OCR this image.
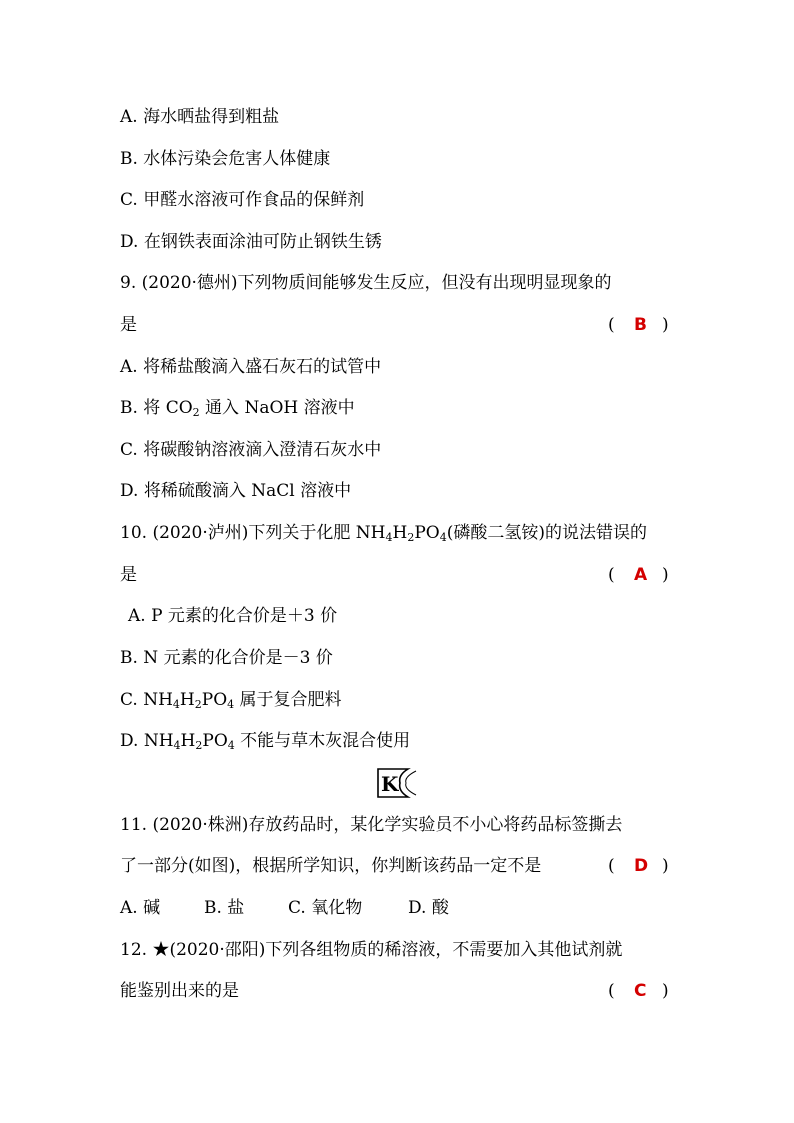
A. 海水晒盐得到粗盐
B. 水体污染会危害人体健康
C. 甲醛水溶液可作食品的保鲜剂
D. 在钢铁表面涂油可防止钢铁生锈
9. (2020·德州)下列物质间能够发生反应，但没有出现明显现象的
是	( B )
A. 将稀盐酸滴入盛石灰石的试管中
B. 将 $CO_2$ 通入 NaOH 溶液中
C. 将碳酸钠溶液滴入澄清石灰水中
D. 将稀硫酸滴入 NaCl 溶液中
10. (2020·泸州)下列关于化肥 $NH_4H_2PO_4$(磷酸二氢铵)的说法错误的
是	( A )
A. P 元素的化合价是＋3 价
B. N 元素的化合价是－3 价
C. $NH_4H_2PO_4$ 属于复合肥料
D. $NH_4H_2PO_4$ 不能与草木灰混合使用
K
11. (2020·株洲)存放药品时，某化学实验员不小心将药品标签撕去
了一部分(如图)，根据所学知识，你判断该药品一定不是	( D )
A. 碱	B. 盐	C. 氧化物	D. 酸
12. ★(2020·邵阳)下列各组物质的稀溶液，不需要加入其他试剂就
能鉴别出来的是	( C )
